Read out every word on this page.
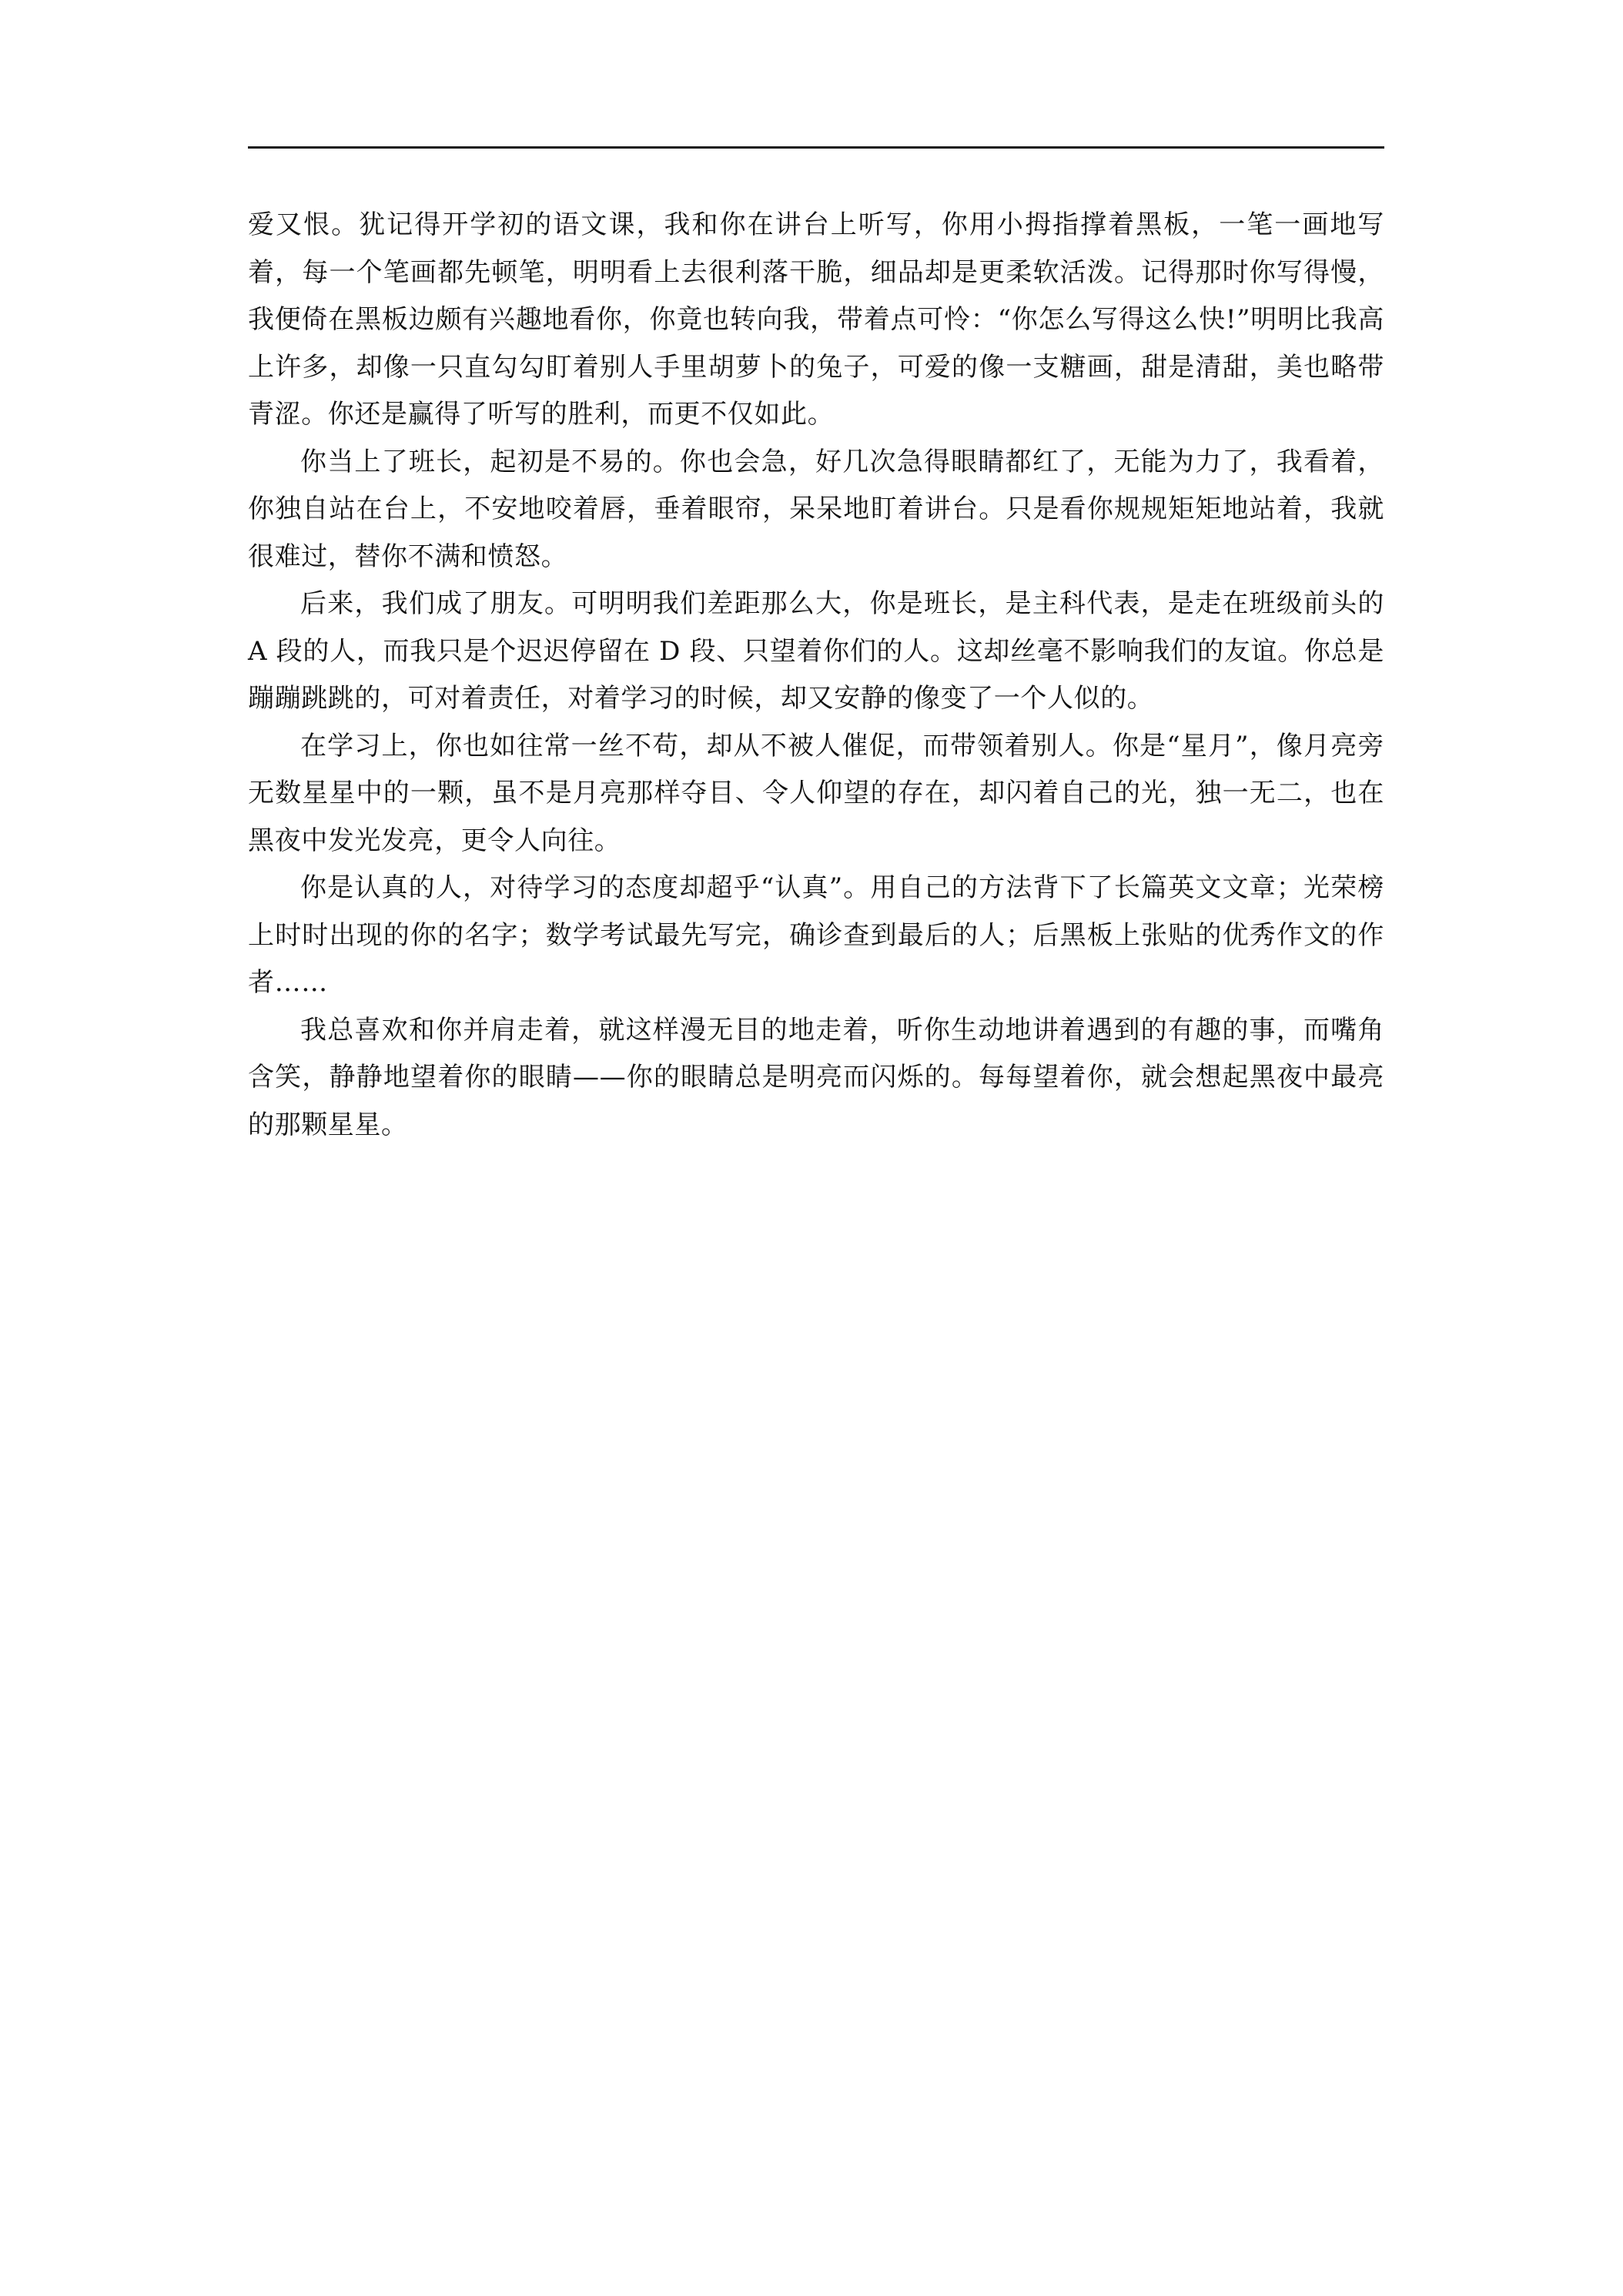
爱又恨。犹记得开学初的语文课，我和你在讲台上听写，你用小拇指撑着黑板，一笔一画地写着，每一个笔画都先顿笔，明明看上去很利落干脆，细品却是更柔软活泼。记得那时你写得慢，我便倚在黑板边颇有兴趣地看你，你竟也转向我，带着点可怜：“你怎么写得这么快!”明明比我高上许多，却像一只直勾勾盯着别人手里胡萝卜的兔子，可爱的像一支糖画，甜是清甜，美也略带青涩。你还是赢得了听写的胜利，而更不仅如此。

你当上了班长，起初是不易的。你也会急，好几次急得眼睛都红了，无能为力了，我看着，你独自站在台上，不安地咬着唇，垂着眼帘，呆呆地盯着讲台。只是看你规规矩矩地站着，我就很难过，替你不满和愤怒。

后来，我们成了朋友。可明明我们差距那么大，你是班长，是主科代表，是走在班级前头的 A 段的人，而我只是个迟迟停留在 D 段、只望着你们的人。这却丝毫不影响我们的友谊。你总是蹦蹦跳跳的，可对着责任，对着学习的时候，却又安静的像变了一个人似的。

在学习上，你也如往常一丝不苟，却从不被人催促，而带领着别人。你是“星月”，像月亮旁无数星星中的一颗，虽不是月亮那样夺目、令人仰望的存在，却闪着自己的光，独一无二，也在黑夜中发光发亮，更令人向往。

你是认真的人，对待学习的态度却超乎“认真”。用自己的方法背下了长篇英文文章；光荣榜上时时出现的你的名字；数学考试最先写完，确诊查到最后的人；后黑板上张贴的优秀作文的作者……

我总喜欢和你并肩走着，就这样漫无目的地走着，听你生动地讲着遇到的有趣的事，而嘴角含笑，静静地望着你的眼睛——你的眼睛总是明亮而闪烁的。每每望着你，就会想起黑夜中最亮的那颗星星。
